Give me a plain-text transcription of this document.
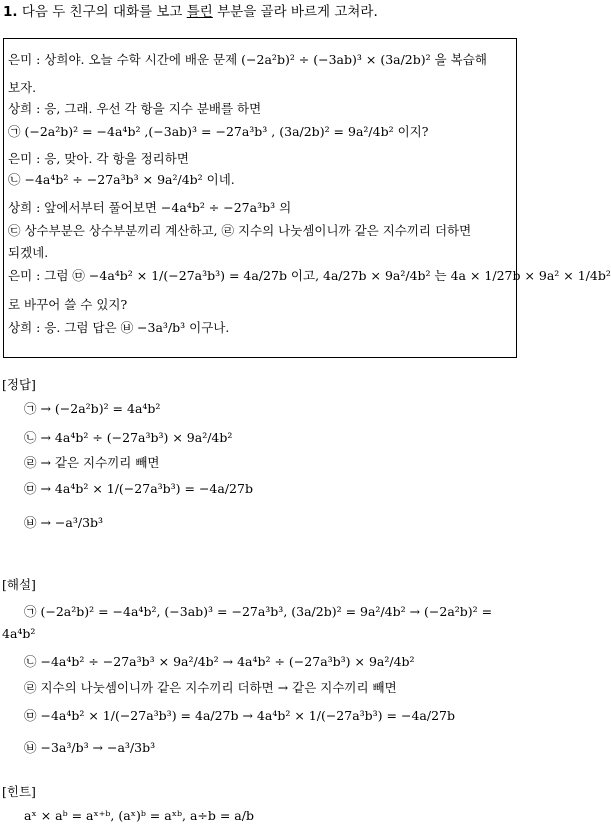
1. 다음 두 친구의 대화를 보고 틀린 부분을 골라 바르게 고쳐라.
은미 : 상희야. 오늘 수학 시간에 배운 문제 (−2a²b)² ÷ (−3ab)³ × (3a/2b)² 을 복습해
보자.
상희 : 응, 그래. 우선 각 항을 지수 분배를 하면
㉠ (−2a²b)² = −4a⁴b² ,(−3ab)³ = −27a³b³ , (3a/2b)² = 9a²/4b² 이지?
은미 : 응, 맞아. 각 항을 정리하면
㉡ −4a⁴b² ÷ −27a³b³ × 9a²/4b² 이네.
상희 : 앞에서부터 풀어보면 −4a⁴b² ÷ −27a³b³ 의
㉢ 상수부분은 상수부분끼리 계산하고, ㉣ 지수의 나눗셈이니까 같은 지수끼리 더하면
되겠네.
은미 : 그럼 ㉤ −4a⁴b² × 1/(−27a³b³) = 4a/27b 이고, 4a/27b × 9a²/4b² 는 4a × 1/27b × 9a² × 1/4b²
로 바꾸어 쓸 수 있지?
상희 : 응. 그럼 답은 ㉥ −3a³/b³ 이구나.
[정답]
㉠ → (−2a²b)² = 4a⁴b²
㉡ → 4a⁴b² ÷ (−27a³b³) × 9a²/4b²
㉣ → 같은 지수끼리 빼면
㉤ → 4a⁴b² × 1/(−27a³b³) = −4a/27b
㉥ → −a³/3b³
[해설]
㉠ (−2a²b)² = −4a⁴b², (−3ab)³ = −27a³b³, (3a/2b)² = 9a²/4b² → (−2a²b)² =
4a⁴b²
㉡ −4a⁴b² ÷ −27a³b³ × 9a²/4b² → 4a⁴b² ÷ (−27a³b³) × 9a²/4b²
㉣ 지수의 나눗셈이니까 같은 지수끼리 더하면 → 같은 지수끼리 빼면
㉤ −4a⁴b² × 1/(−27a³b³) = 4a/27b → 4a⁴b² × 1/(−27a³b³) = −4a/27b
㉥ −3a³/b³ → −a³/3b³
[힌트]
aˣ × aᵇ = aˣ⁺ᵇ, (aˣ)ᵇ = aˣᵇ, a÷b = a/b
